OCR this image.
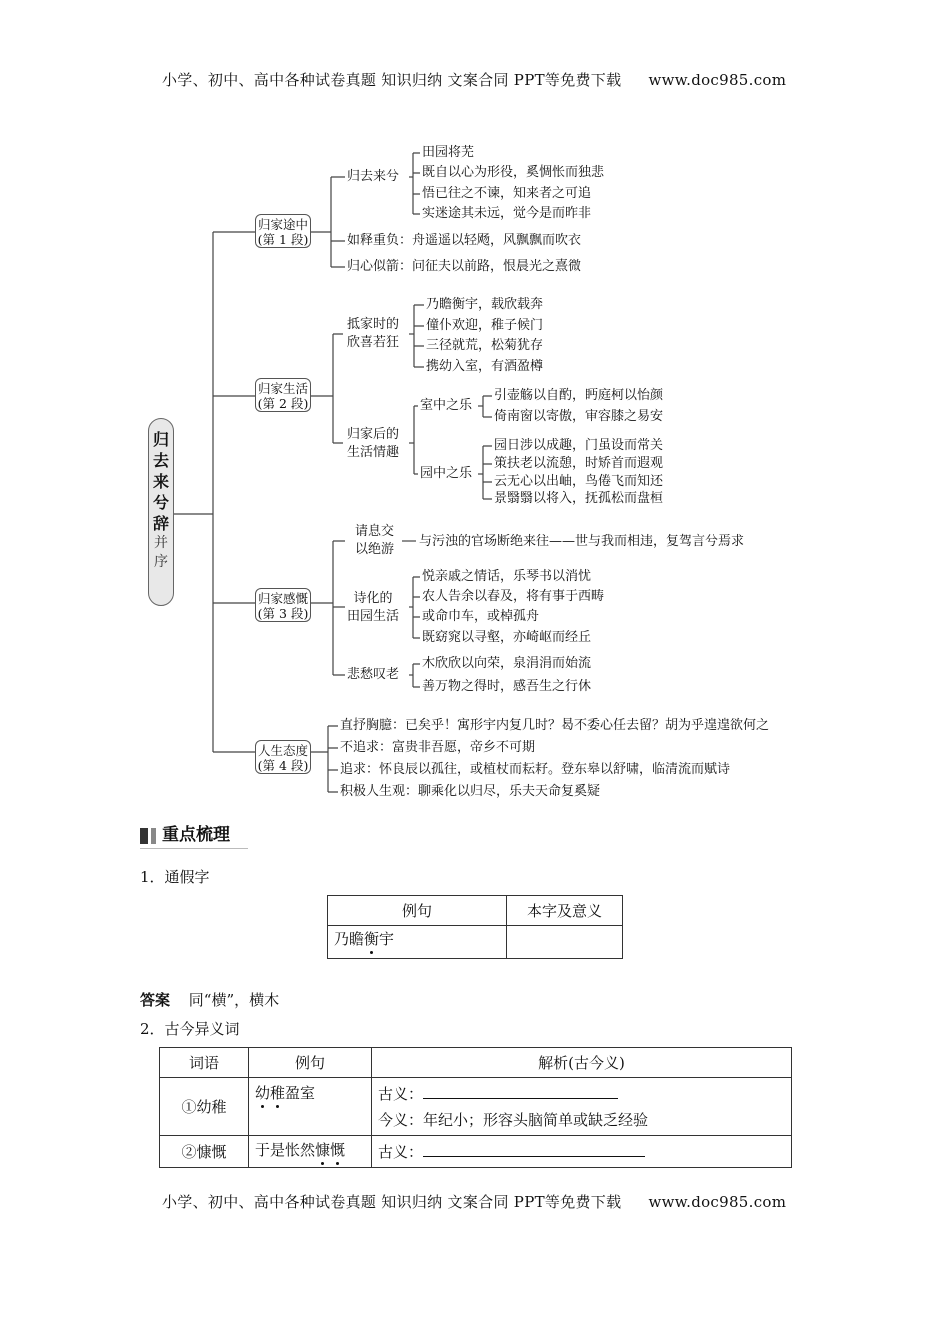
小学、初中、高中各种试卷真题 知识归纳 文案合同 PPT等免费下载 www.doc985.com
小学、初中、高中各种试卷真题 知识归纳 文案合同 PPT等免费下载 www.doc985.com
归
去
来
兮
辞
并
序
归家途中
(第 1 段)
归家生活
(第 2 段)
归家感慨
(第 3 段)
人生态度
(第 4 段)
归去来兮
田园将芜
既自以心为形役，奚惆怅而独悲
悟已往之不谏，知来者之可追
实迷途其未远，觉今是而昨非
如释重负：舟遥遥以轻飏，风飘飘而吹衣
归心似箭：问征夫以前路，恨晨光之熹微
抵家时的
欣喜若狂
乃瞻衡宇，载欣载奔
僮仆欢迎，稚子候门
三径就荒，松菊犹存
携幼入室，有酒盈樽
归家后的
生活情趣
室中之乐
引壶觞以自酌，眄庭柯以怡颜
倚南窗以寄傲，审容膝之易安
园中之乐
园日涉以成趣，门虽设而常关
策扶老以流憩，时矫首而遐观
云无心以出岫，鸟倦飞而知还
景翳翳以将入，抚孤松而盘桓
请息交
以绝游
与污浊的官场断绝来往——世与我而相违，复驾言兮焉求
诗化的
田园生活
悦亲戚之情话，乐琴书以消忧
农人告余以春及，将有事于西畴
或命巾车，或棹孤舟
既窈窕以寻壑，亦崎岖而经丘
悲愁叹老
木欣欣以向荣，泉涓涓而始流
善万物之得时，感吾生之行休
直抒胸臆：已矣乎！寓形宇内复几时？曷不委心任去留？胡为乎遑遑欲何之
不追求：富贵非吾愿，帝乡不可期
追求：怀良辰以孤往，或植杖而耘耔。登东皋以舒啸，临清流而赋诗
积极人生观：聊乘化以归尽，乐夫天命复奚疑
重点梳理
1．通假字
例句	本字及意义
乃瞻衡宇	
答案 同“横”，横木
2．古今异义词
词语	例句	解析(古今义)
①幼稚	幼稚盈室	古义：
今义：年纪小；形容头脑简单或缺乏经验

②慷慨	于是怅然慷慨	古义：
